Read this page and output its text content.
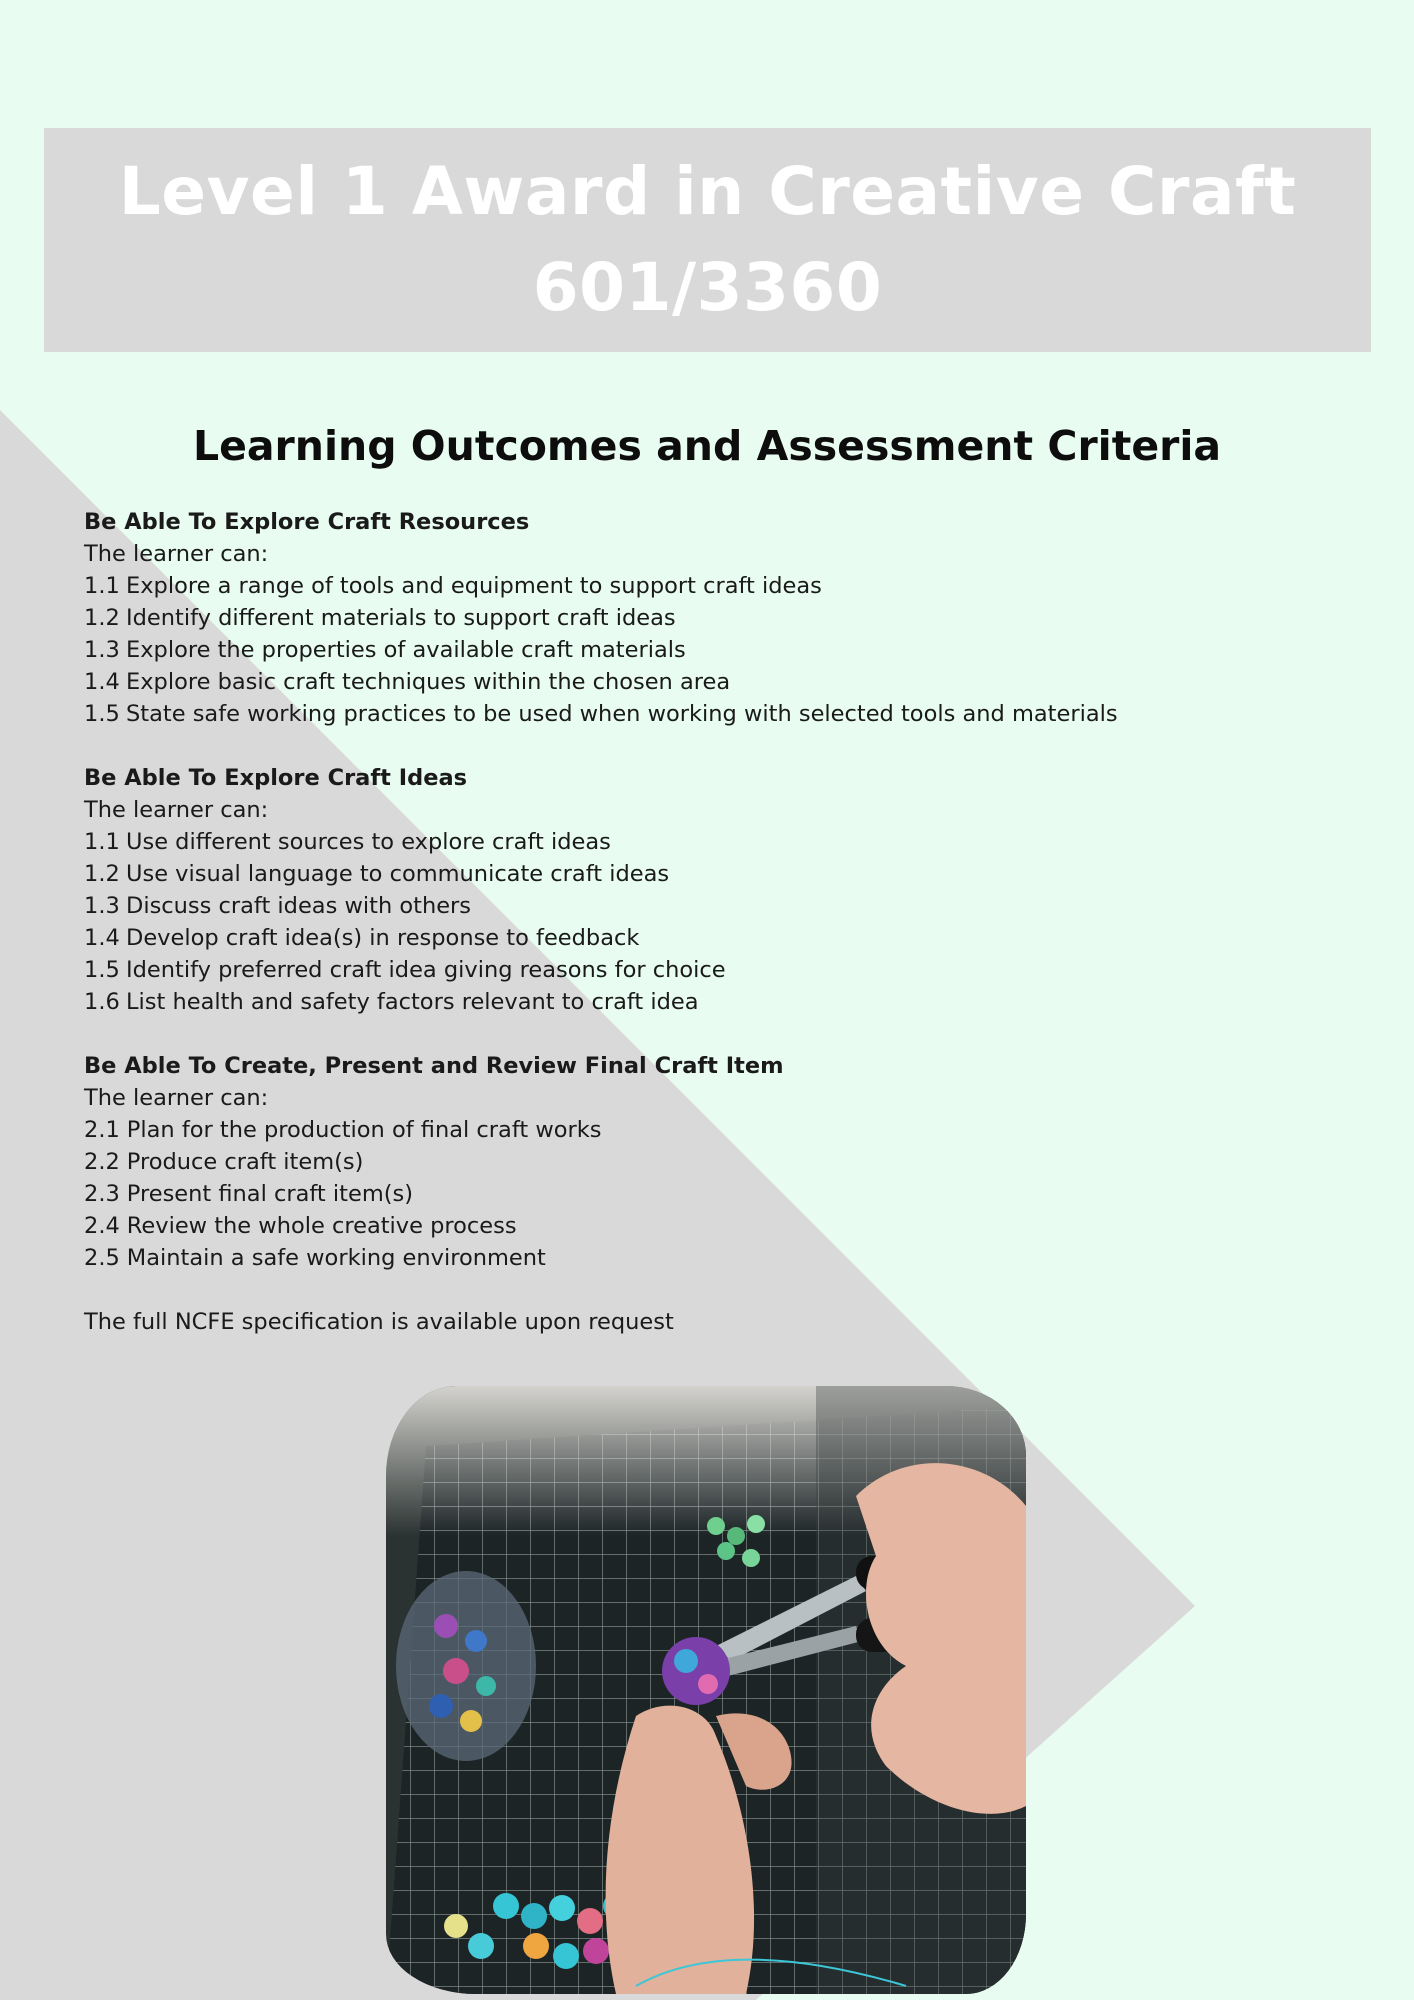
Level 1 Award in Creative Craft
601/3360
Learning Outcomes and Assessment Criteria
Be Able To Explore Craft Resources
The learner can:
1.1 Explore a range of tools and equipment to support craft ideas
1.2 Identify different materials to support craft ideas
1.3 Explore the properties of available craft materials
1.4 Explore basic craft techniques within the chosen area
1.5 State safe working practices to be used when working with selected tools and materials
Be Able To Explore Craft Ideas
The learner can:
1.1 Use different sources to explore craft ideas
1.2 Use visual language to communicate craft ideas
1.3 Discuss craft ideas with others
1.4 Develop craft idea(s) in response to feedback
1.5 Identify preferred craft idea giving reasons for choice
1.6 List health and safety factors relevant to craft idea
Be Able To Create, Present and Review Final Craft Item
The learner can:
2.1 Plan for the production of final craft works
2.2 Produce craft item(s)
2.3 Present final craft item(s)
2.4 Review the whole creative process
2.5 Maintain a safe working environment
The full NCFE specification is available upon request
